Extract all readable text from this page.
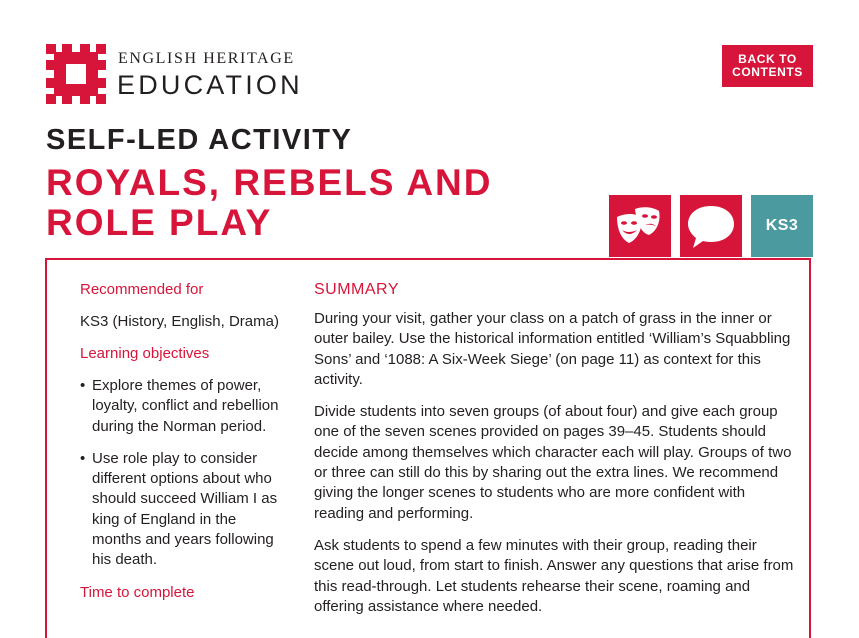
ENGLISH HERITAGE
EDUCATION
BACK TO
CONTENTS
SELF-LED ACTIVITY
ROYALS, REBELS AND
ROLE PLAY	KS3
Recommended for
KS3 (History, English, Drama)
Learning objectives
• Explore themes of power, loyalty, conflict and rebellion during the Norman period.
• Use role play to consider different options about who should succeed William I as king of England in the months and years following his death.
Time to complete
SUMMARY

During your visit, gather your class on a patch of grass in the inner or outer bailey. Use the historical information entitled ‘William’s Squabbling Sons’ and ‘1088: A Six-Week Siege’ (on page 11) as context for this activity.

Divide students into seven groups (of about four) and give each group one of the seven scenes provided on pages 39–45. Students should decide among themselves which character each will play. Groups of two or three can still do this by sharing out the extra lines. We recommend giving the longer scenes to students who are more confident with reading and performing.

Ask students to spend a few minutes with their group, reading their scene out loud, from start to finish. Answer any questions that arise from this read-through. Let students rehearse their scene, roaming and offering assistance where needed.
